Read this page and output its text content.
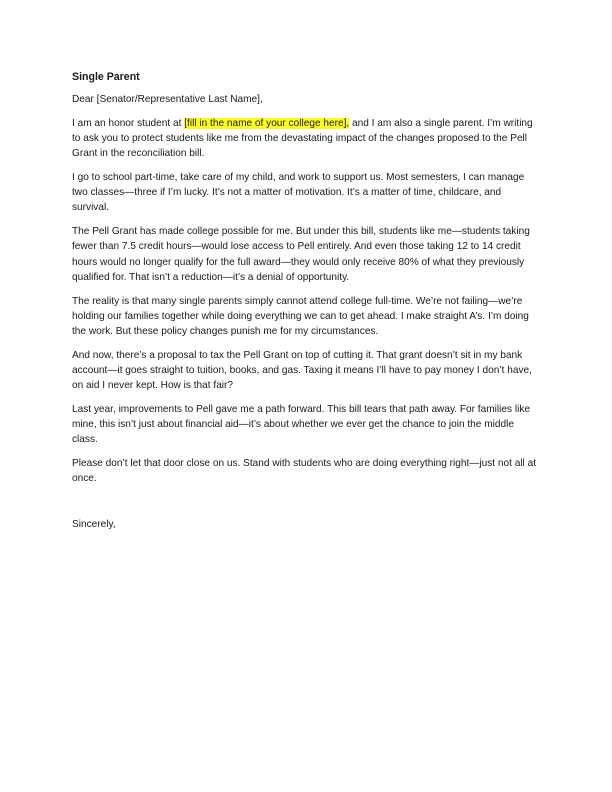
Single Parent

Dear [Senator/Representative Last Name],

I am an honor student at [fill in the name of your college here], and I am also a single parent. I’m writing to ask you to protect students like me from the devastating impact of the changes proposed to the Pell Grant in the reconciliation bill.

I go to school part-time, take care of my child, and work to support us. Most semesters, I can manage two classes—three if I’m lucky. It’s not a matter of motivation. It’s a matter of time, childcare, and survival.

The Pell Grant has made college possible for me. But under this bill, students like me—students taking fewer than 7.5 credit hours—would lose access to Pell entirely. And even those taking 12 to 14 credit hours would no longer qualify for the full award—they would only receive 80% of what they previously qualified for. That isn’t a reduction—it’s a denial of opportunity.

The reality is that many single parents simply cannot attend college full-time. We’re not failing—we’re holding our families together while doing everything we can to get ahead. I make straight A’s. I’m doing the work. But these policy changes punish me for my circumstances.

And now, there’s a proposal to tax the Pell Grant on top of cutting it. That grant doesn’t sit in my bank account—it goes straight to tuition, books, and gas. Taxing it means I’ll have to pay money I don’t have, on aid I never kept. How is that fair?

Last year, improvements to Pell gave me a path forward. This bill tears that path away. For families like mine, this isn’t just about financial aid—it’s about whether we ever get the chance to join the middle class.

Please don’t let that door close on us. Stand with students who are doing everything right—just not all at once.

Sincerely,
